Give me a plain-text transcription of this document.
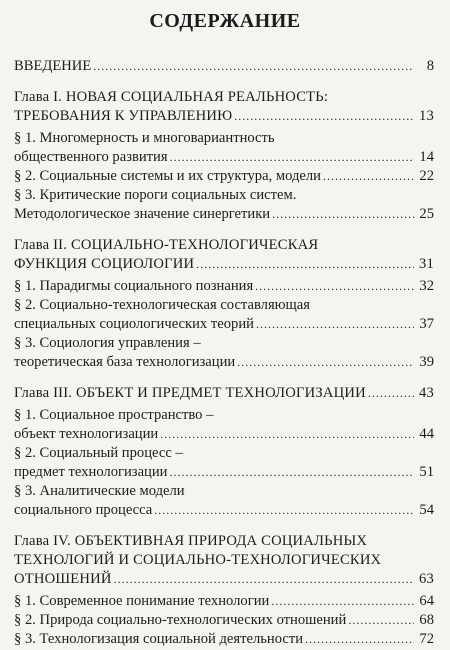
СОДЕРЖАНИЕ
ВВЕДЕНИЕ . . .	8
Глава I. НОВАЯ СОЦИАЛЬНАЯ РЕАЛЬНОСТЬ:
ТРЕБОВАНИЯ К УПРАВЛЕНИЮ . . .	13
§ 1. Многомерность и многовариантность
общественного развития . . .	14
§ 2. Социальные системы и их структура, модели . . .	22
§ 3. Критические пороги социальных систем.
Методологическое значение синергетики . . .	25
Глава II. СОЦИАЛЬНО-ТЕХНОЛОГИЧЕСКАЯ
ФУНКЦИЯ СОЦИОЛОГИИ . . .	31
§ 1. Парадигмы социального познания . . .	32
§ 2. Социально-технологическая составляющая
специальных социологических теорий . . .	37
§ 3. Социология управления –
теоретическая база технологизации . . .	39
Глава III. ОБЪЕКТ И ПРЕДМЕТ ТЕХНОЛОГИЗАЦИИ . . .	43
§ 1. Социальное пространство –
объект технологизации . . .	44
§ 2. Социальный процесс –
предмет технологизации . . .	51
§ 3. Аналитические модели
социального процесса . . .	54
Глава IV. ОБЪЕКТИВНАЯ ПРИРОДА СОЦИАЛЬНЫХ
ТЕХНОЛОГИЙ И СОЦИАЛЬНО-ТЕХНОЛОГИЧЕСКИХ
ОТНОШЕНИЙ . . .	63
§ 1. Современное понимание технологии . . .	64
§ 2. Природа социально-технологических отношений . . .	68
§ 3. Технологизация социальной деятельности . . .	72
